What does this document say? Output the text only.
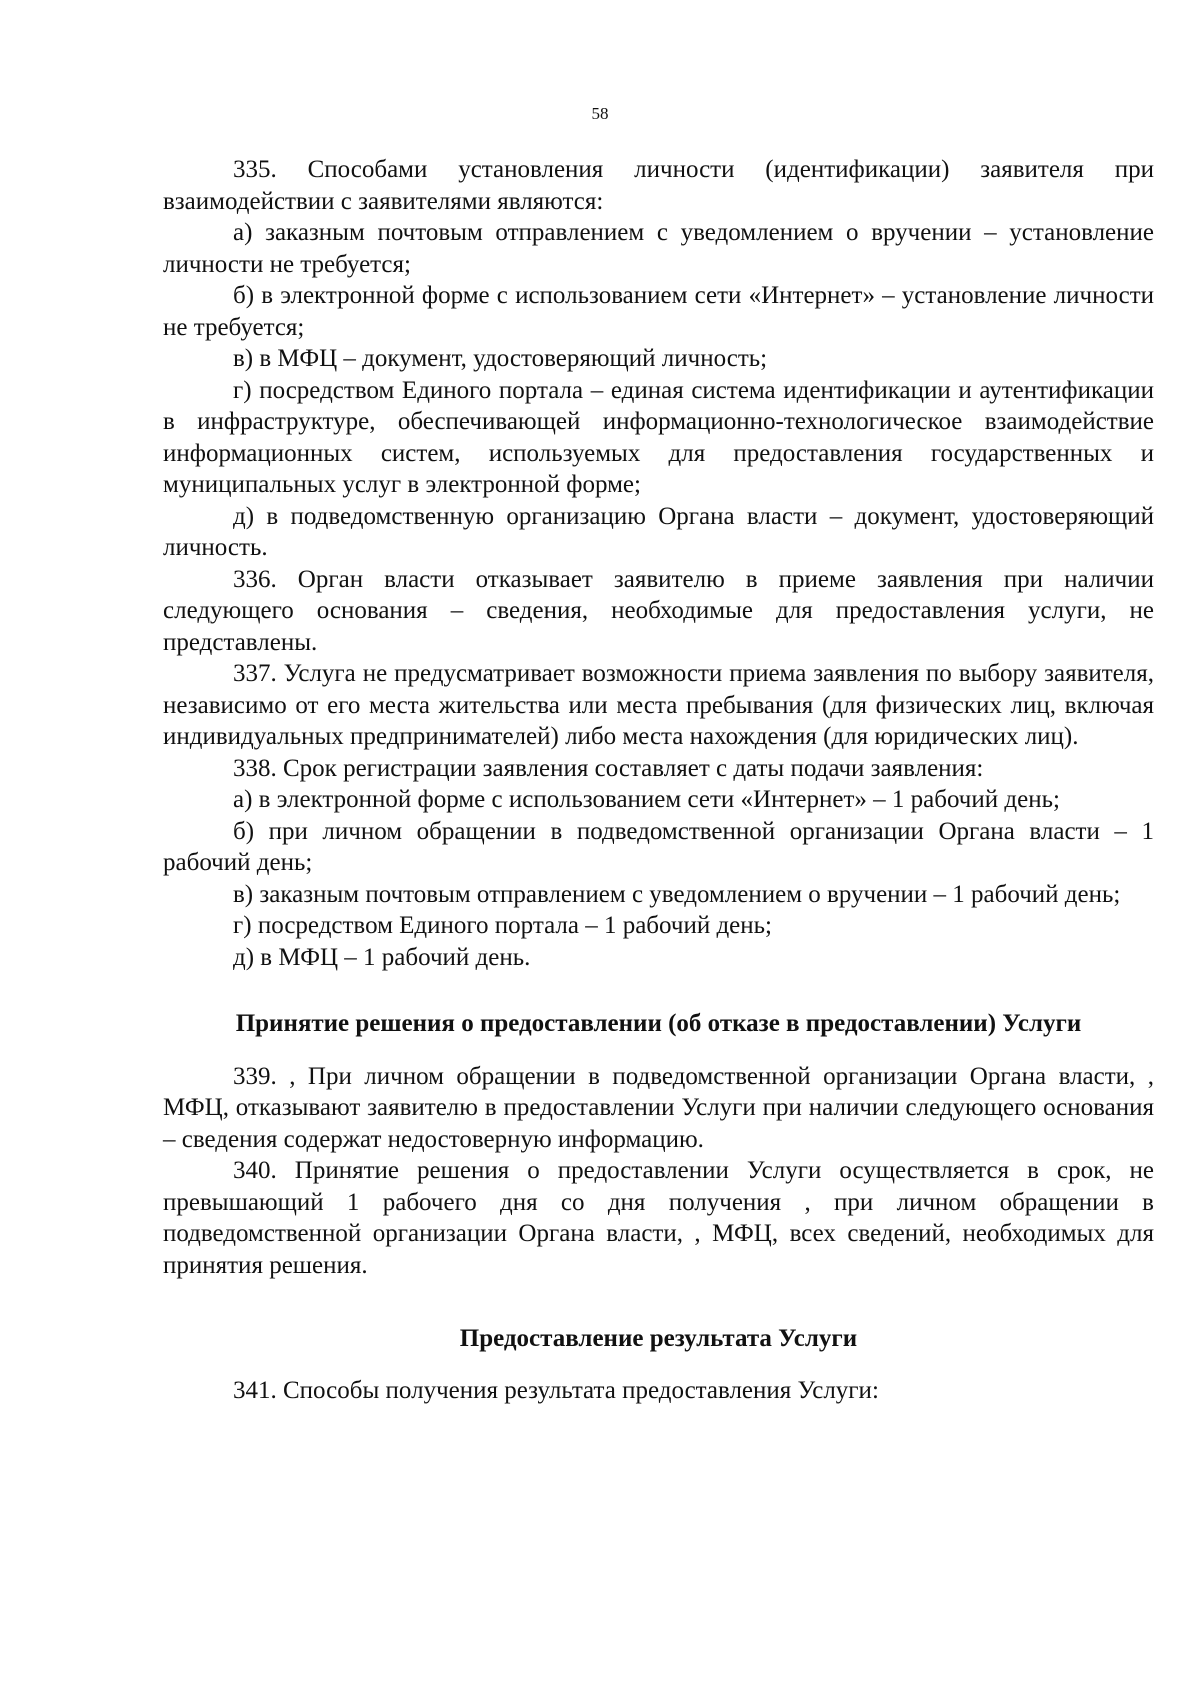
58

335. Способами установления личности (идентификации) заявителя при взаимодействии с заявителями являются:

а) заказным почтовым отправлением с уведомлением о вручении – установление личности не требуется;

б) в электронной форме с использованием сети «Интернет» – установление личности не требуется;

в) в МФЦ – документ, удостоверяющий личность;

г) посредством Единого портала – единая система идентификации и аутентификации в инфраструктуре, обеспечивающей информационно-технологическое взаимодействие информационных систем, используемых для предоставления государственных и муниципальных услуг в электронной форме;

д) в подведомственную организацию Органа власти – документ, удостоверяющий личность.

336. Орган власти отказывает заявителю в приеме заявления при наличии следующего основания – сведения, необходимые для предоставления услуги, не представлены.

337. Услуга не предусматривает возможности приема заявления по выбору заявителя, независимо от его места жительства или места пребывания (для физических лиц, включая индивидуальных предпринимателей) либо места нахождения (для юридических лиц).

338. Срок регистрации заявления составляет с даты подачи заявления:

а) в электронной форме с использованием сети «Интернет» – 1 рабочий день;

б) при личном обращении в подведомственной организации Органа власти – 1 рабочий день;

в) заказным почтовым отправлением с уведомлением о вручении – 1 рабочий день;

г) посредством Единого портала – 1 рабочий день;

д) в МФЦ – 1 рабочий день.

Принятие решения о предоставлении (об отказе в предоставлении) Услуги

339. , При личном обращении в подведомственной организации Органа власти, , МФЦ, отказывают заявителю в предоставлении Услуги при наличии следующего основания – сведения содержат недостоверную информацию.

340. Принятие решения о предоставлении Услуги осуществляется в срок, не превышающий 1 рабочего дня со дня получения , при личном обращении в подведомственной организации Органа власти, , МФЦ, всех сведений, необходимых для принятия решения.

Предоставление результата Услуги

341. Способы получения результата предоставления Услуги:
